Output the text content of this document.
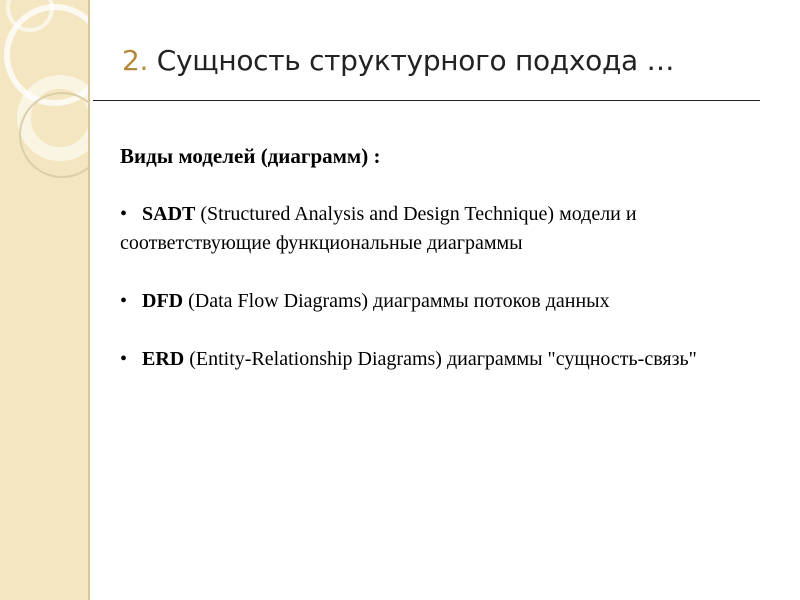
2. Сущность структурного подхода …

Виды моделей (диаграмм) :

• SADT (Structured Analysis and Design Technique) модели и соответствующие функциональные диаграммы

• DFD (Data Flow Diagrams) диаграммы потоков данных

• ERD (Entity-Relationship Diagrams) диаграммы "сущность-связь"
